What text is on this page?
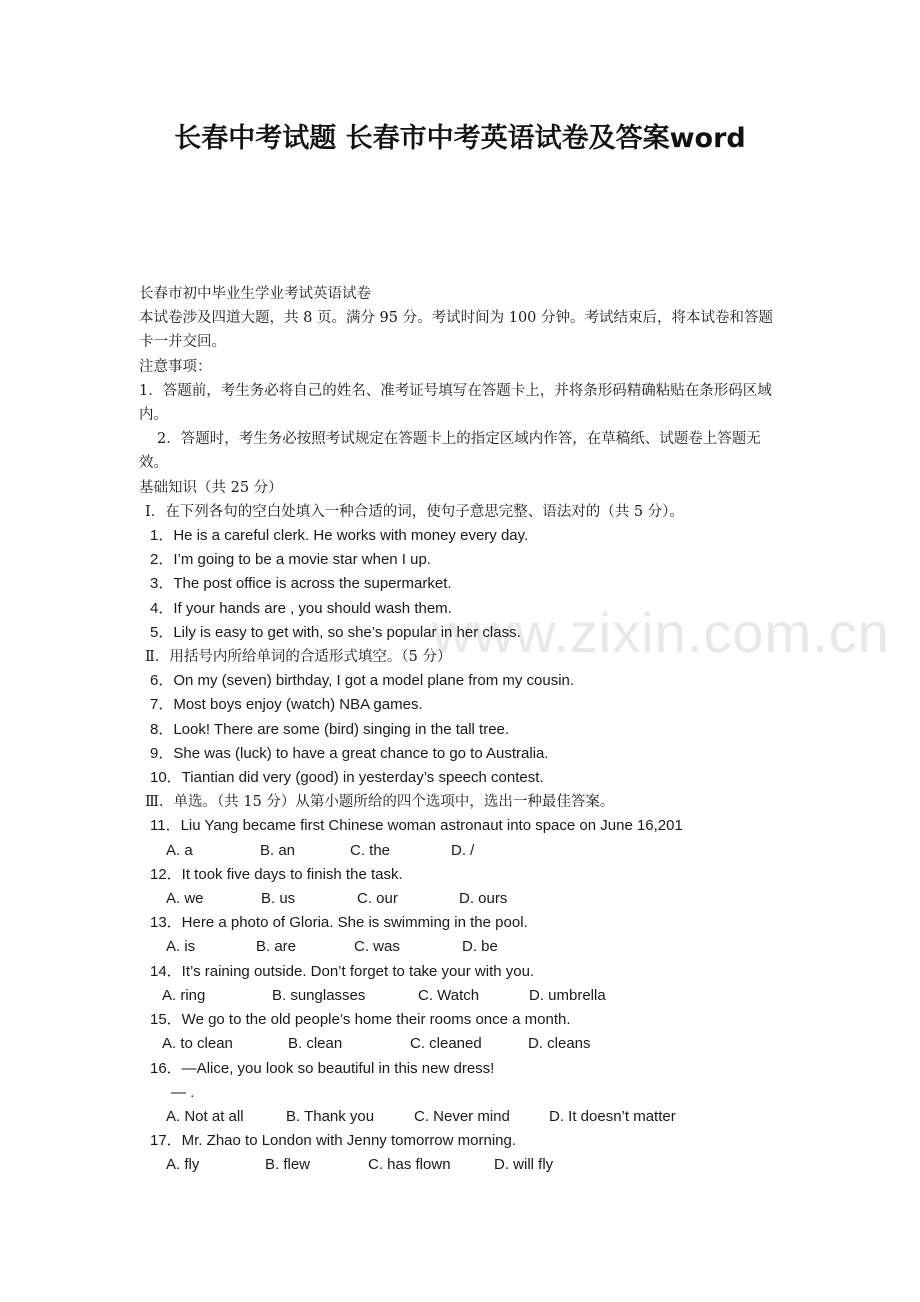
长春中考试题 长春市中考英语试卷及答案word
www.zixin.com.cn
长春市初中毕业生学业考试英语试卷
本试卷涉及四道大题，共 8 页。满分 95 分。考试时间为 100 分钟。考试结束后，将本试卷和答题卡一并交回。
注意事项：
1．答题前，考生务必将自己的姓名、准考证号填写在答题卡上，并将条形码精确粘贴在条形码区域内。
2．答题时，考生务必按照考试规定在答题卡上的指定区域内作答，在草稿纸、试题卷上答题无效。
基础知识（共 25 分）
Ⅰ．在下列各句的空白处填入一种合适的词，使句子意思完整、语法对的（共 5 分）。
1．He is a careful clerk. He works with money every day.
2．I’m going to be a movie star when I up.
3．The post office is across the supermarket.
4．If your hands are , you should wash them.
5．Lily is easy to get with, so she’s popular in her class.
Ⅱ．用括号内所给单词的合适形式填空。（5 分）
6．On my (seven) birthday, I got a model plane from my cousin.
7．Most boys enjoy (watch) NBA games.
8．Look! There are some (bird) singing in the tall tree.
9．She was (luck) to have a great chance to go to Australia.
10．Tiantian did very (good) in yesterday’s speech contest.
Ⅲ．单选。（共 15 分）从第小题所给的四个选项中，选出一种最佳答案。
11．Liu Yang became first Chinese woman astronaut into space on June 16,201
A. a	B. an	C. the	D. /
12．It took five days to finish the task.
A. we	B. us	C. our	D. ours
13．Here a photo of Gloria. She is swimming in the pool.
A. is	B. are	C. was	D. be
14．It’s raining outside. Don’t forget to take your with you.
A. ring	B. sunglasses	C. Watch	D. umbrella
15．We go to the old people’s home their rooms once a month.
A. to clean	B. clean	C. cleaned	D. cleans
16．—Alice, you look so beautiful in this new dress!
— .
A. Not at all	B. Thank you	C. Never mind	D. It doesn’t matter
17．Mr. Zhao to London with Jenny tomorrow morning.
A. fly	B. flew	C. has flown	D. will fly
